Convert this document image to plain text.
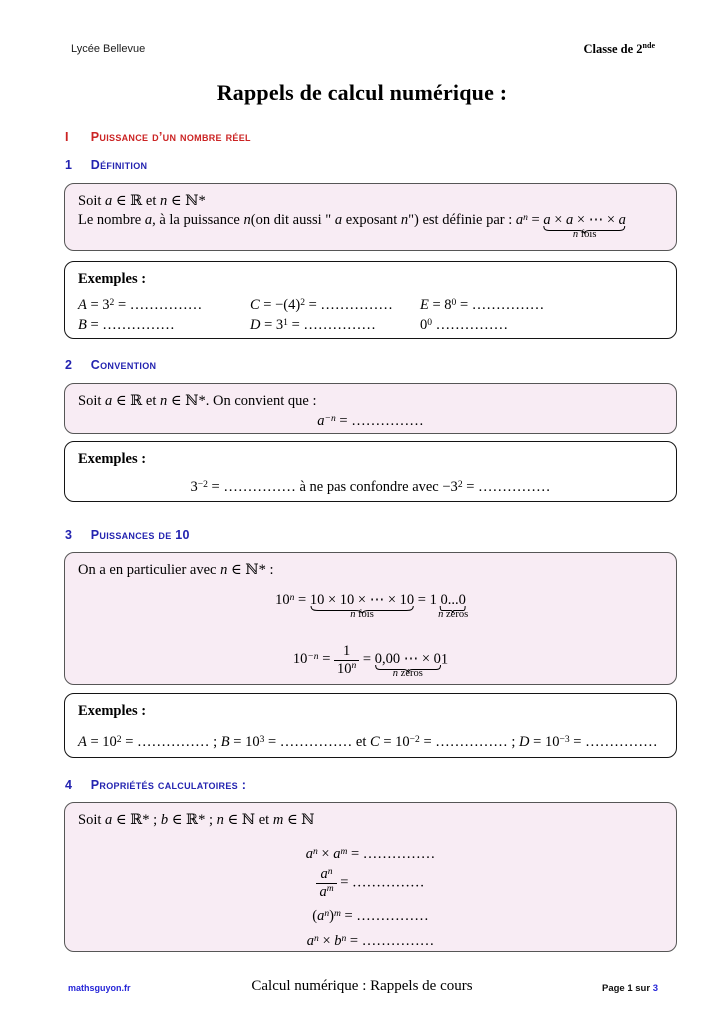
Lycée Bellevue	Classe de 2nde
Rappels de calcul numérique :
I Puissance d’un nombre réel
1 Définition
Soit a ∈ ℝ et n ∈ ℕ*
Le nombre a, à la puissance n(on dit aussi " a exposant n") est définie par : $a^n = a \times a$ × ⋯ × a
n fois
Exemples :
$A = 3^2$ = ……………	$C = -(4)^2$ = ……………	$E = 8^0$ = ……………
B = ……………	$D = 3^1$ = ……………	$0^0$ ……………
2 Convention
Soit a ∈ ℝ et n ∈ ℕ*. On convient que :
$a^{-n}$ = ……………
Exemples :
$3^{-2}$ = …………… à ne pas confondre avec $-3^2$ = ……………
3 Puissances de 10
On a en particulier avec n ∈ ℕ* :
$10^n = 10 \times 10$ × ⋯ × 10
n fois
= 1 0...0
n zéros
$10^{-n} = \frac{1}{10^n} = 0,00$ ⋯ × 0
n zéros
1
Exemples :
$A = 10^2$ = …………… ; $B = 10^3$ = …………… et $C = 10^{-2}$ = …………… ; $D = 10^{-3}$ = ……………
4 Propriétés calculatoires :
Soit a ∈ ℝ* ; b ∈ ℝ* ; n ∈ ℕ et m ∈ ℕ
$a^n \times a^m$ = ……………
$\frac{a^n}{a^m}$ = ……………
$(a^n)^m$ = ……………
$a^n \times b^n$ = ……………
mathsguyon.fr	Calcul numérique : Rappels de cours	Page 1 sur 3
